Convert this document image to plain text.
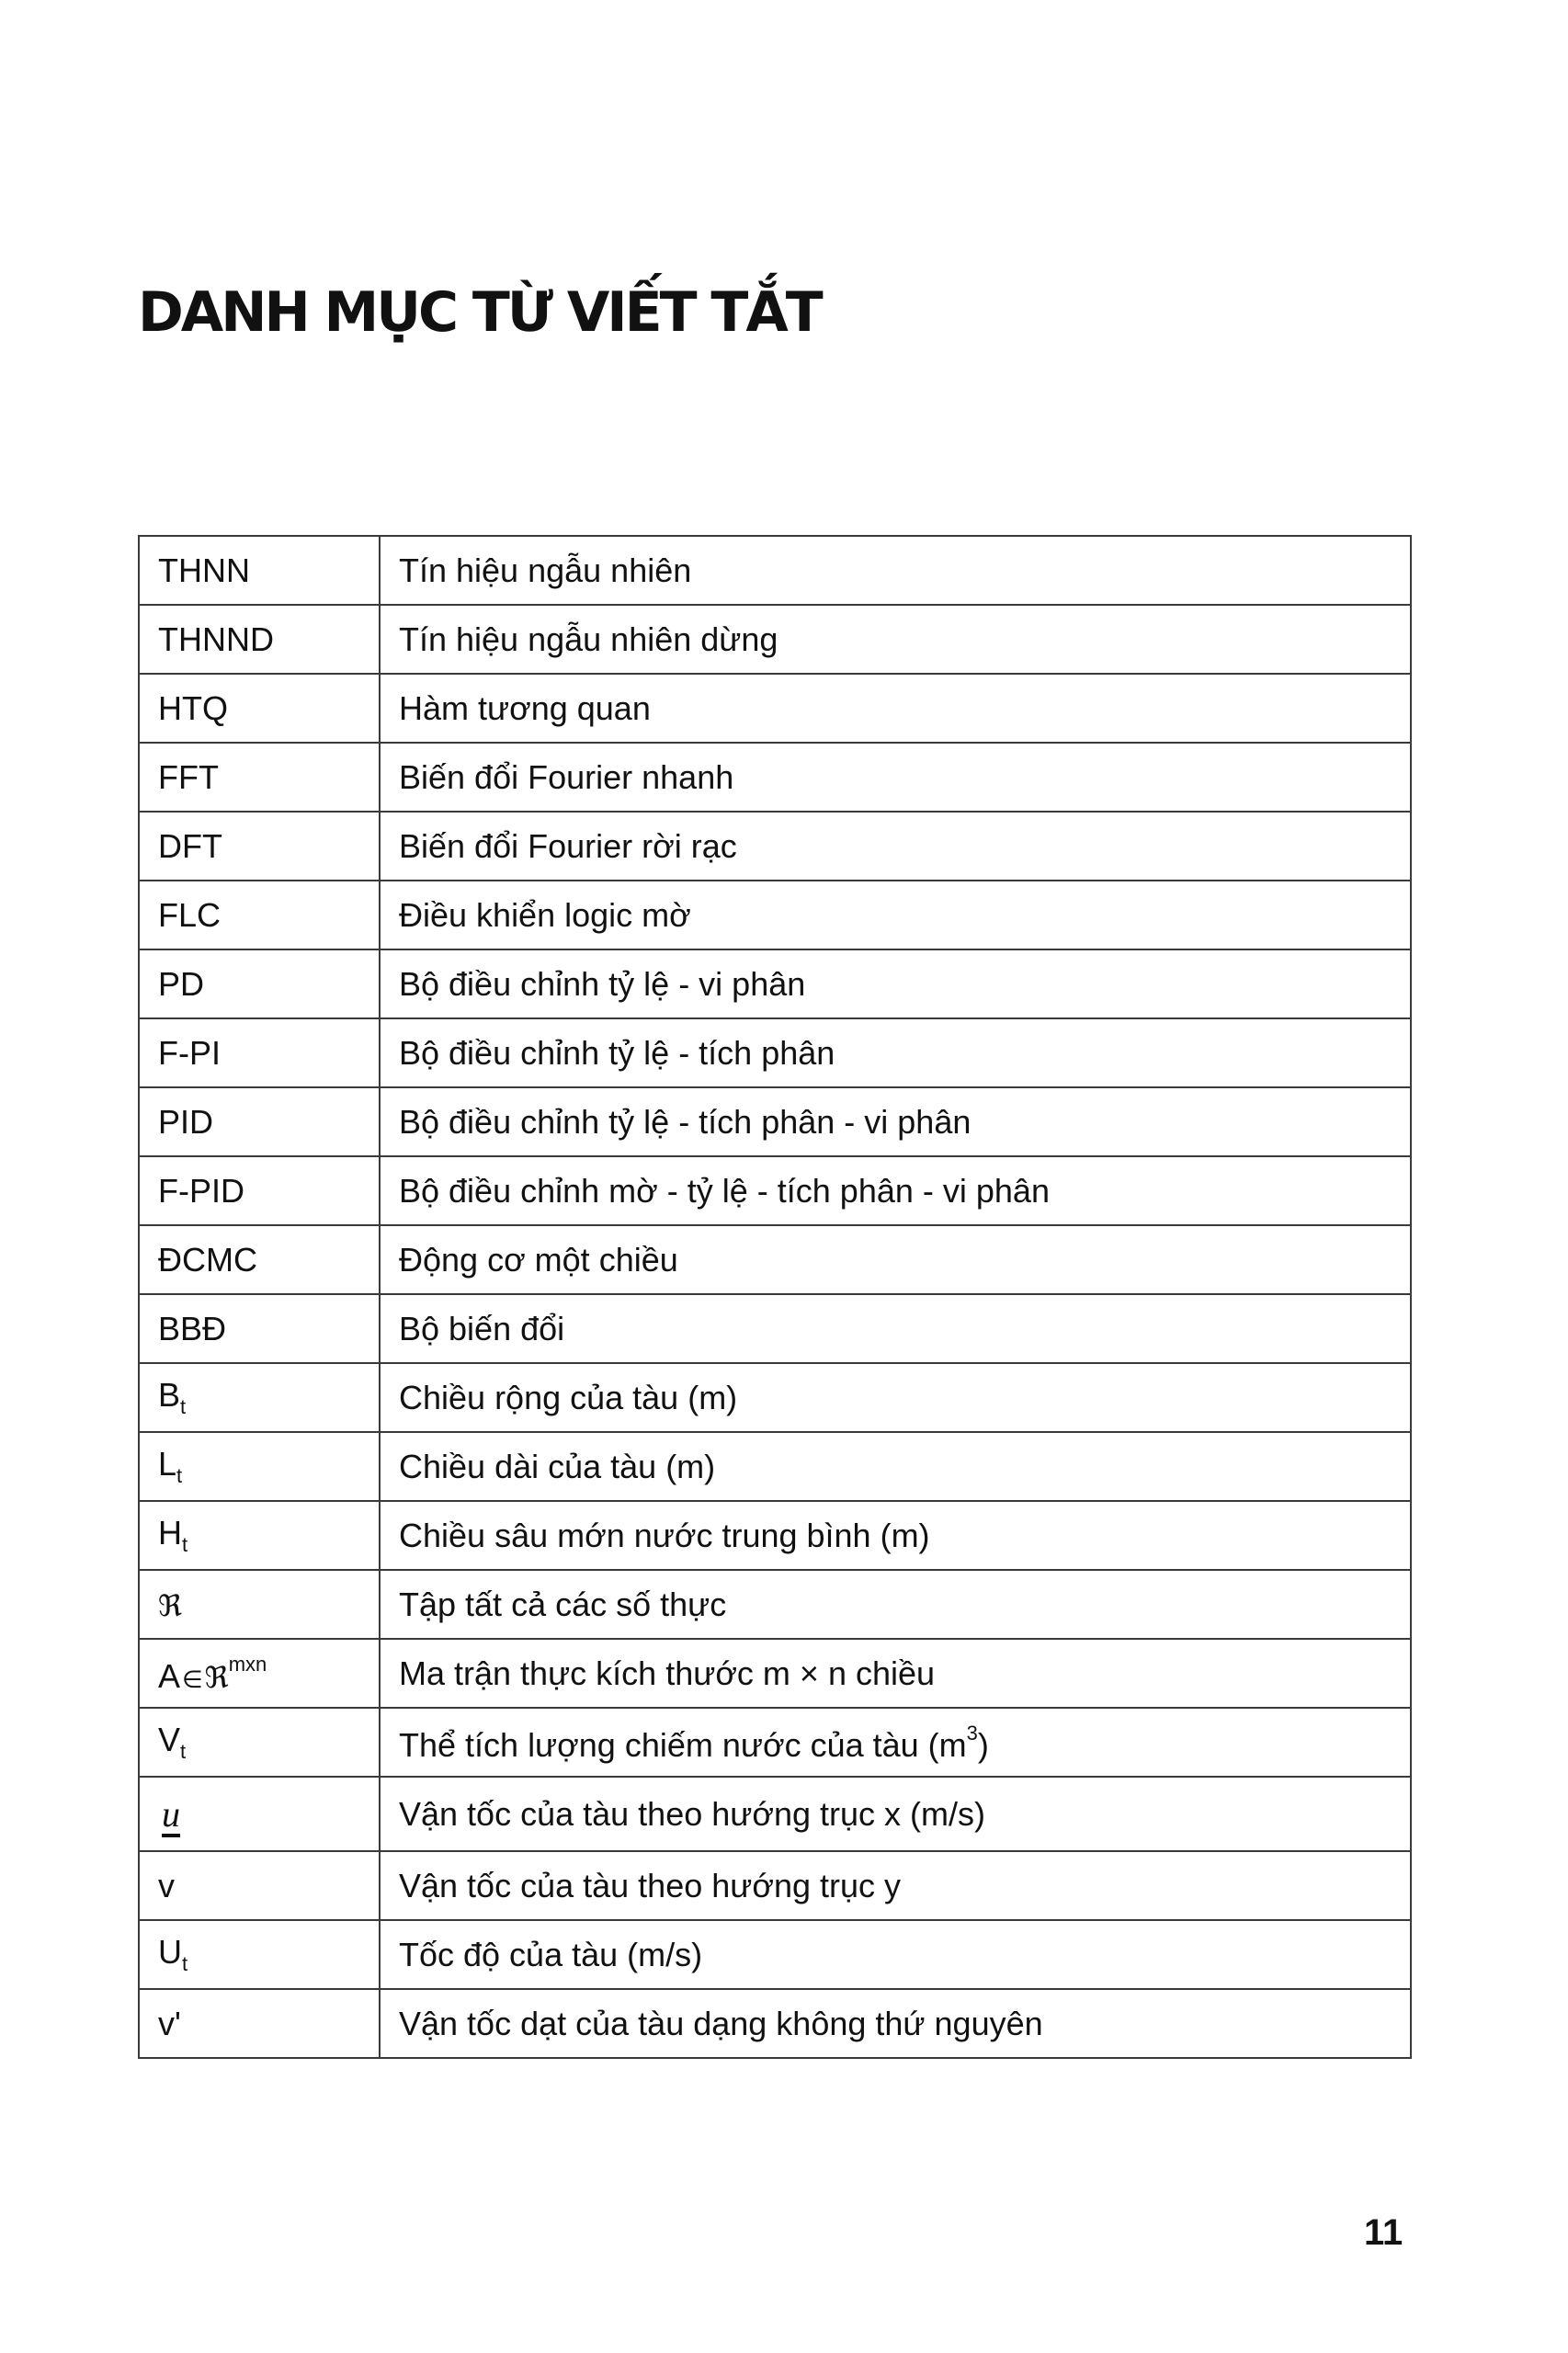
DANH MỤC TỪ VIẾT TẮT
THNN	Tín hiệu ngẫu nhiên
THNND	Tín hiệu ngẫu nhiên dừng
HTQ	Hàm tương quan
FFT	Biến đổi Fourier nhanh
DFT	Biến đổi Fourier rời rạc
FLC	Điều khiển logic mờ
PD	Bộ điều chỉnh tỷ lệ - vi phân
F-PI	Bộ điều chỉnh tỷ lệ - tích phân
PID	Bộ điều chỉnh tỷ lệ - tích phân - vi phân
F-PID	Bộ điều chỉnh mờ - tỷ lệ - tích phân - vi phân
ĐCMC	Động cơ một chiều
BBĐ	Bộ biến đổi
$B_t$	Chiều rộng của tàu (m)
$L_t$	Chiều dài của tàu (m)
$H_t$	Chiều sâu mớn nước trung bình (m)
ℜ	Tập tất cả các số thực
A∈ℜ$^{mxn}$	Ma trận thực kích thước m × n chiều
$V_t$	Thể tích lượng chiếm nước của tàu $(m^3)$
u	Vận tốc của tàu theo hướng trục x (m/s)
v	Vận tốc của tàu theo hướng trục y
$U_t$	Tốc độ của tàu (m/s)
v'	Vận tốc dạt của tàu dạng không thứ nguyên
11
